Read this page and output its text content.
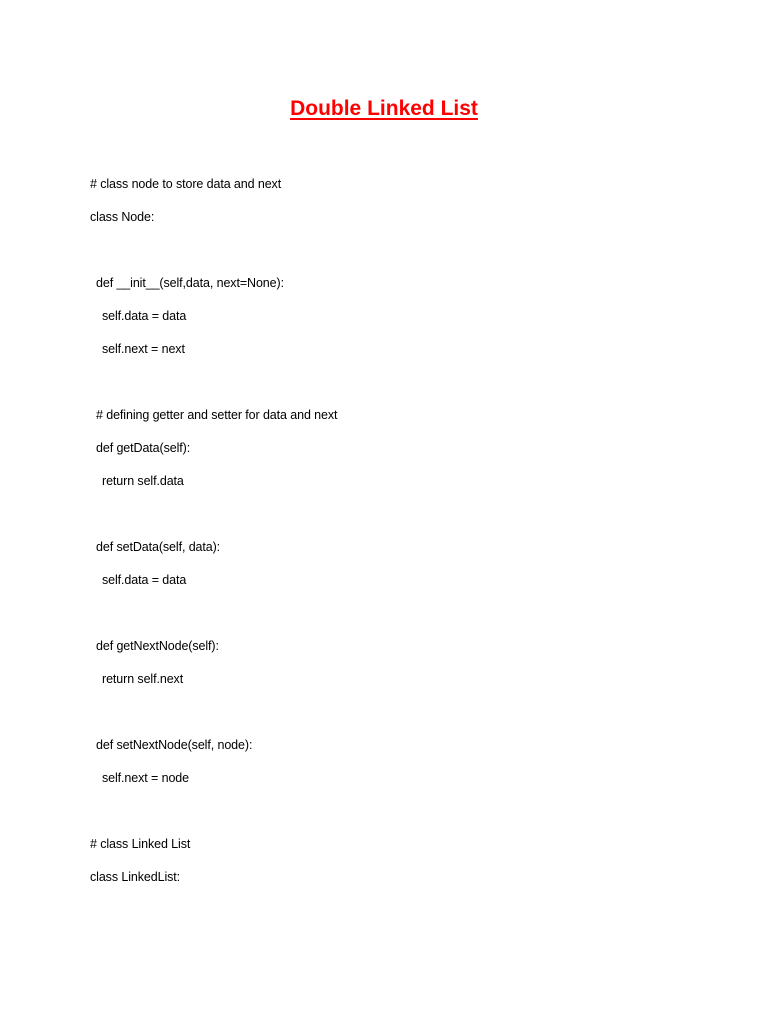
Double Linked List
# class node to store data and next
class Node:
def __init__(self,data, next=None):
self.data = data
self.next = next
# defining getter and setter for data and next
def getData(self):
return self.data
def setData(self, data):
self.data = data
def getNextNode(self):
return self.next
def setNextNode(self, node):
self.next = node
# class Linked List
class LinkedList:
